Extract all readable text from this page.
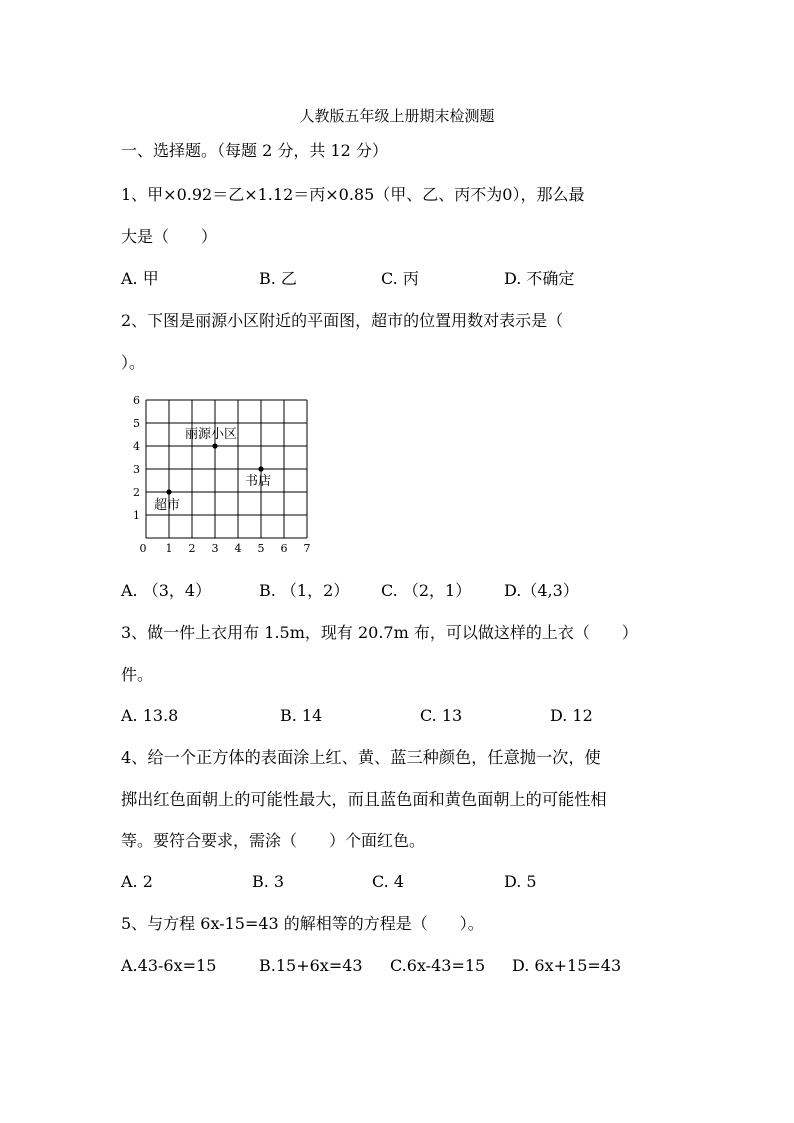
人教版五年级上册期末检测题
一、选择题。（每题 2 分，共 12 分）
1、甲×0.92＝乙×1.12＝丙×0.85（甲、乙、丙不为0），那么最
大是（　　）
A. 甲	B. 乙	C. 丙	D. 不确定
2、下图是丽源小区附近的平面图，超市的位置用数对表示是（
）。
0 1 2 3 4 5 6 7
1
2
3
4
5
6
丽源小区
书店
超市
A. （3，4）	B. （1，2） C. （2，1） D.（4,3）
3、做一件上衣用布 1.5m，现有 20.7m 布，可以做这样的上衣（　　）
件。
A. 13.8	B. 14	C. 13	D. 12
4、给一个正方体的表面涂上红、黄、蓝三种颜色，任意抛一次，使
掷出红色面朝上的可能性最大，而且蓝色面和黄色面朝上的可能性相
等。要符合要求，需涂（　　）个面红色。
A. 2	B. 3	C. 4	D. 5
5、与方程 6x-15=43 的解相等的方程是（　　）。
A.43-6x=15	B.15+6x=43 C.6x-43=15 D. 6x+15=43
